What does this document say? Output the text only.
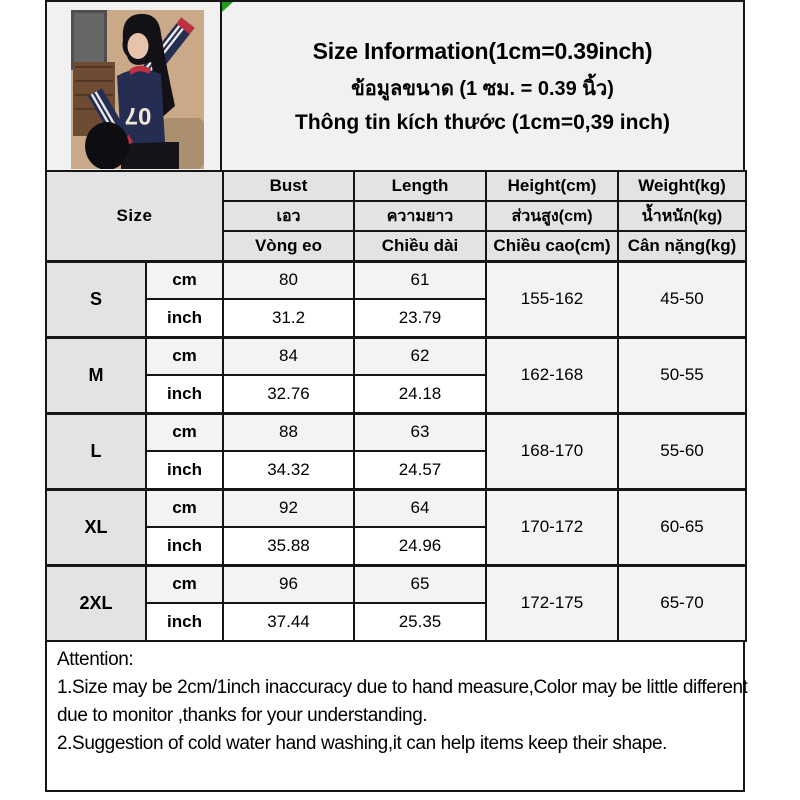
07
Size Information(1cm=0.39inch)
ข้อมูลขนาด (1 ซม. = 0.39 นิ้ว)
Thông tin kích thước (1cm=0,39 inch)
Size		Bust	Length	Height(cm)	Weight(kg)
		เอว	ความยาว	ส่วนสูง(cm)	น้ำหนัก(kg)
		Vòng eo	Chiều dài	Chiều cao(cm)	Cân nặng(kg)
S	cm	80	61	155-162	45-50
	inch	31.2	23.79		
M	cm	84	62	162-168	50-55
	inch	32.76	24.18		
L	cm	88	63	168-170	55-60
	inch	34.32	24.57		
XL	cm	92	64	170-172	60-65
	inch	35.88	24.96		
2XL	cm	96	65	172-175	65-70
	inch	37.44	25.35		
Attention:
1.Size may be 2cm/1inch inaccuracy due to hand measure,Color may be little different
due to monitor ,thanks for your understanding.
2.Suggestion of cold water hand washing,it can help items keep their shape.
